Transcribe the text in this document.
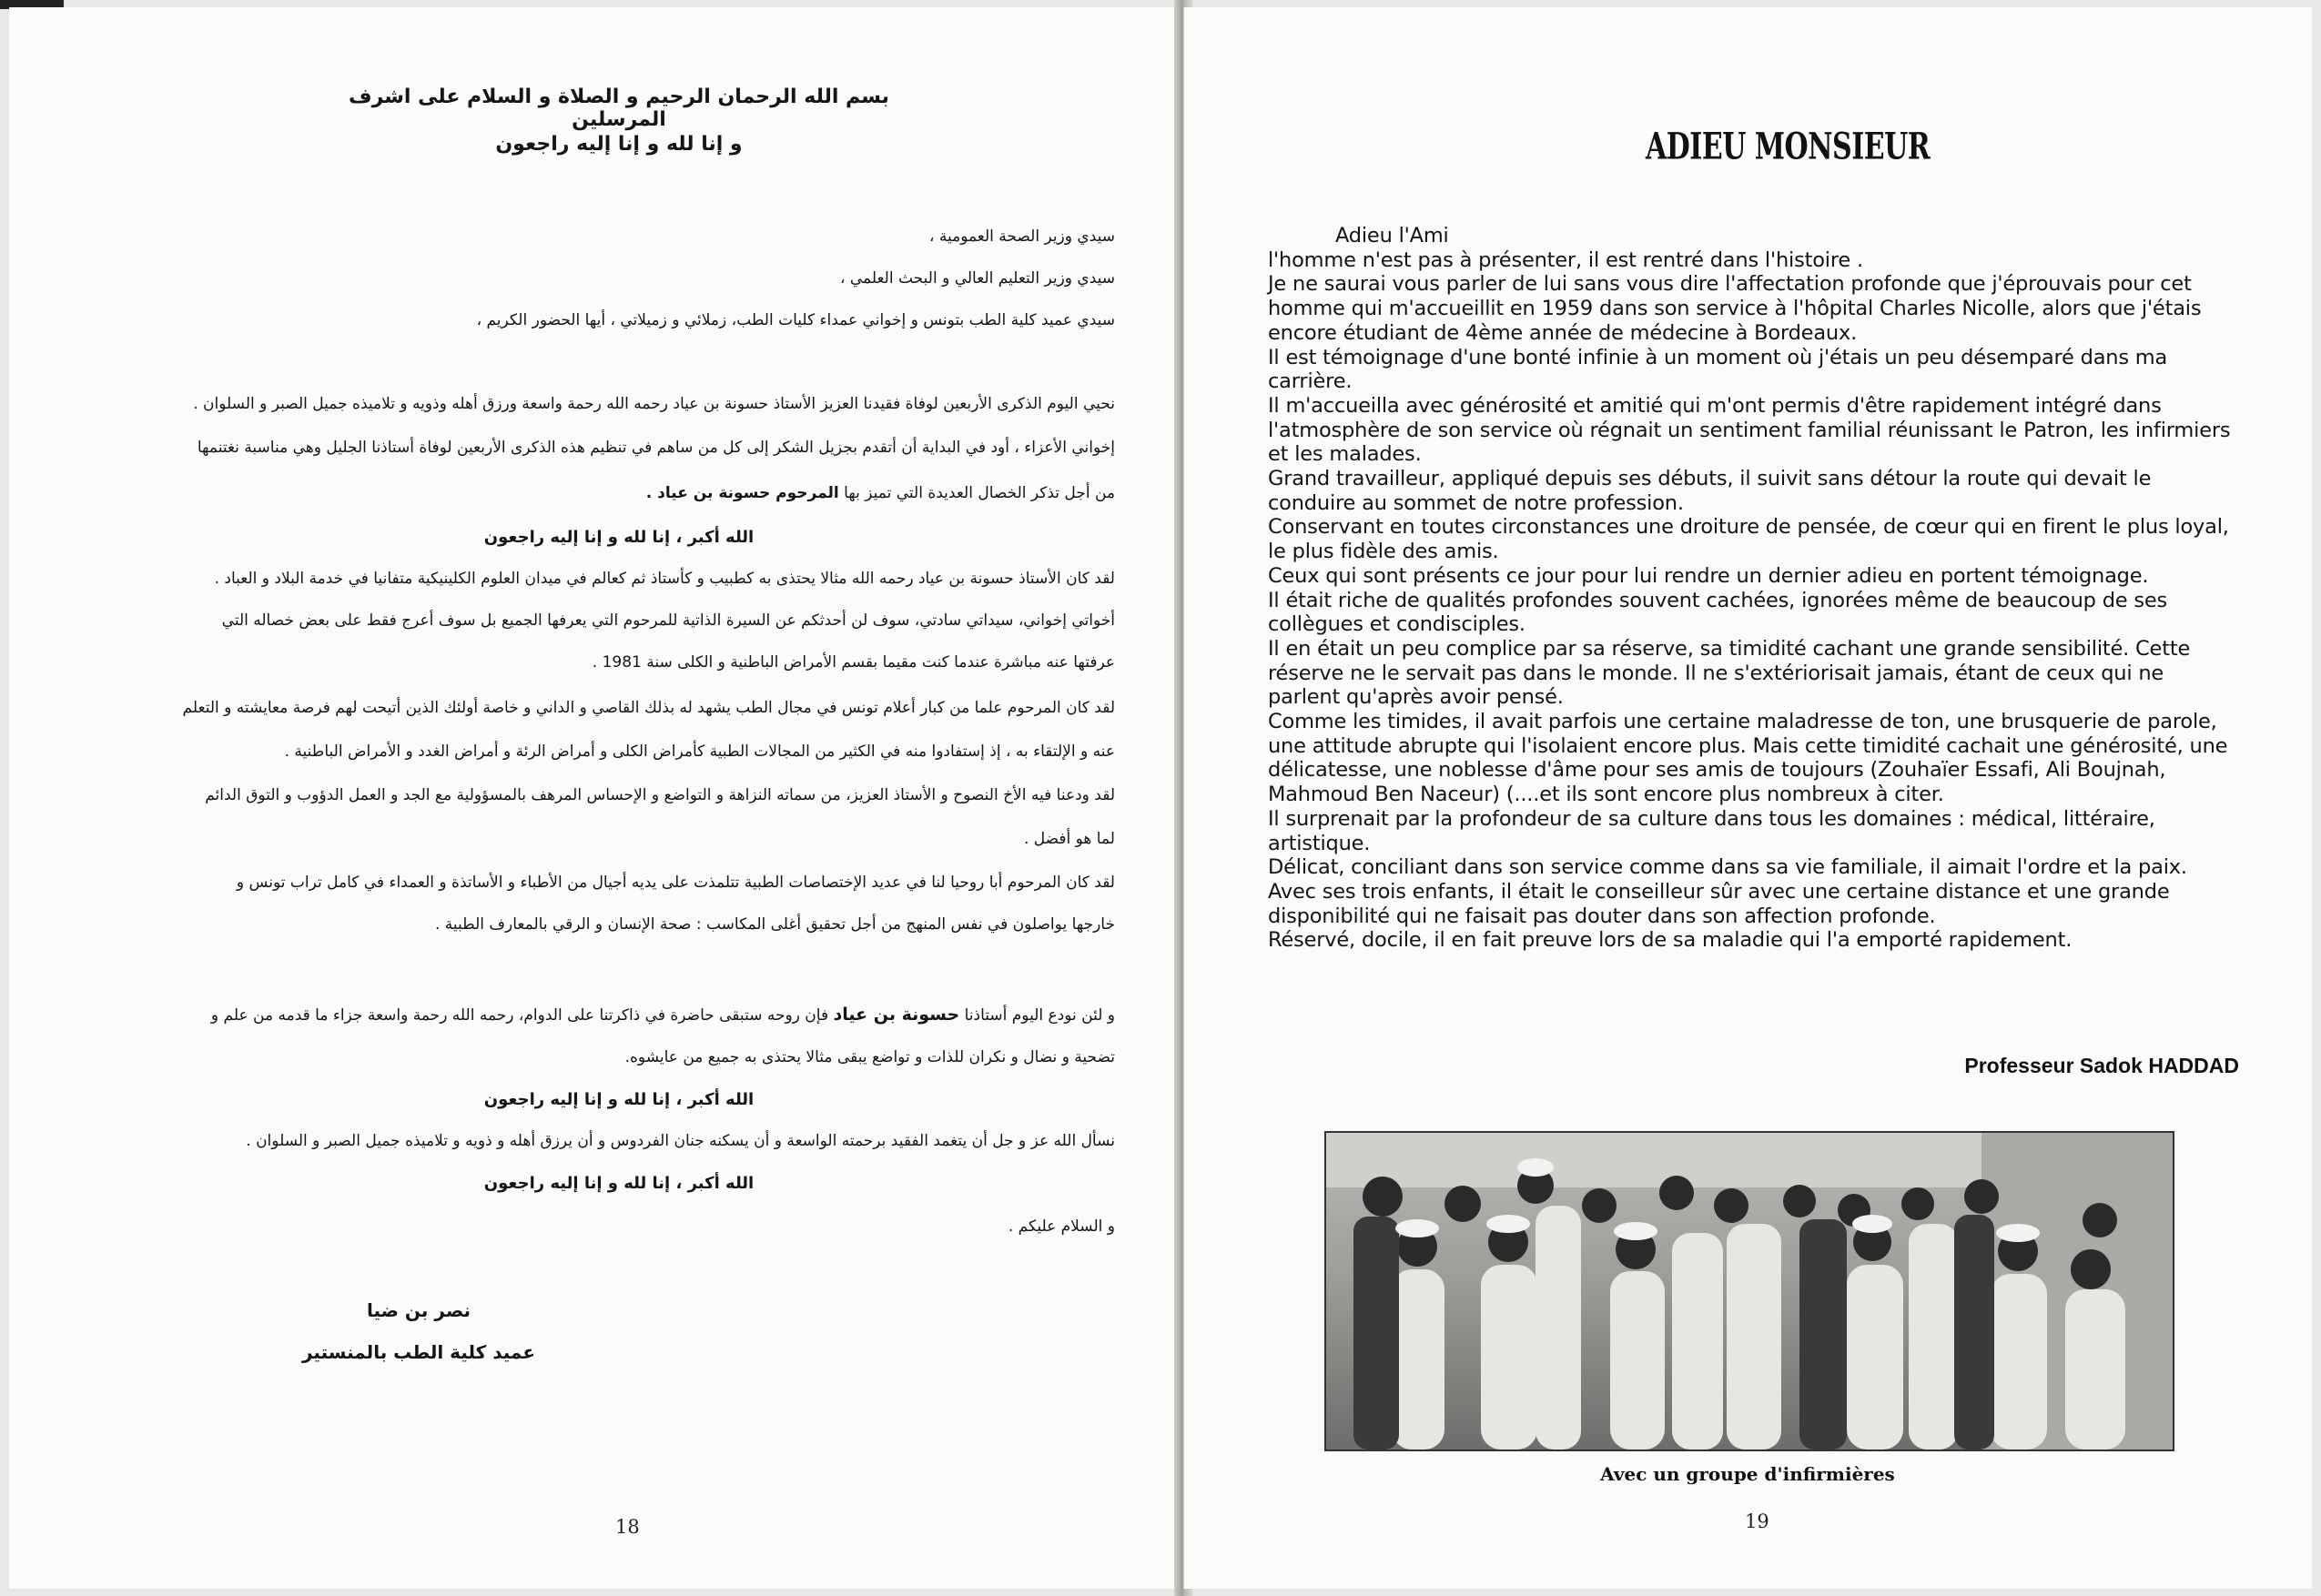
بسم الله الرحمان الرحيم و الصلاة و السلام على اشرف المرسلين
و إنا لله و إنا إليه راجعون
سيدي وزير الصحة العمومية ،
سيدي وزير التعليم العالي و البحث العلمي ،
سيدي عميد كلية الطب بتونس و إخواني عمداء كليات الطب، زملائي و زميلاتي ، أيها الحضور الكريم ،
نحيي اليوم الذكرى الأربعين لوفاة فقيدنا العزيز الأستاذ حسونة بن عياد رحمه الله رحمة واسعة ورزق أهله وذويه و تلاميذه جميل الصبر و السلوان .
إخواني الأعزاء ، أود في البداية أن أتقدم بجزيل الشكر إلى كل من ساهم في تنظيم هذه الذكرى الأربعين لوفاة أستاذنا الجليل وهي مناسبة نغتنمها
من أجل تذكر الخصال العديدة التي تميز بها المرحوم حسونة بن عياد .
الله أكبر ، إنا لله و إنا إليه راجعون
لقد كان الأستاذ حسونة بن عياد رحمه الله مثالا يحتذى به كطبيب و كأستاذ ثم كعالم في ميدان العلوم الكلينيكية متفانيا في خدمة البلاد و العباد .
أخواتي إخواني، سيداتي سادتي، سوف لن أحدثكم عن السيرة الذاتية للمرحوم التي يعرفها الجميع بل سوف أعرج فقط على بعض خصاله التي
عرفتها عنه مباشرة عندما كنت مقيما بقسم الأمراض الباطنية و الكلى سنة 1981 .
لقد كان المرحوم علما من كبار أعلام تونس في مجال الطب يشهد له بذلك القاصي و الداني و خاصة أولئك الذين أتيحت لهم فرصة معايشته و التعلم
عنه و الإلتقاء به ، إذ إستفادوا منه في الكثير من المجالات الطبية كأمراض الكلى و أمراض الرئة و أمراض الغدد و الأمراض الباطنية .
لقد ودعنا فيه الأخ النصوح و الأستاذ العزيز، من سماته النزاهة و التواضع و الإحساس المرهف بالمسؤولية مع الجد و العمل الدؤوب و التوق الدائم
لما هو أفضل .
لقد كان المرحوم أبا روحيا لنا في عديد الإختصاصات الطبية تتلمذت على يديه أجيال من الأطباء و الأساتذة و العمداء في كامل تراب تونس و
خارجها يواصلون في نفس المنهج من أجل تحقيق أغلى المكاسب : صحة الإنسان و الرقي بالمعارف الطبية .
و لئن نودع اليوم أستاذنا حسونة بن عياد فإن روحه ستبقى حاضرة في ذاكرتنا على الدوام، رحمه الله رحمة واسعة جزاء ما قدمه من علم و
تضحية و نضال و نكران للذات و تواضع يبقى مثالا يحتذى به جميع من عايشوه.
الله أكبر ، إنا لله و إنا إليه راجعون
نسأل الله عز و جل أن يتغمد الفقيد برحمته الواسعة و أن يسكنه جنان الفردوس و أن يرزق أهله و ذويه و تلاميذه جميل الصبر و السلوان .
الله أكبر ، إنا لله و إنا إليه راجعون
و السلام عليكم .
نصر بن ضيا
عميد كلية الطب بالمنستير
18
ADIEU MONSIEUR

Adieu l'Ami

l'homme n'est pas à présenter, il est rentré dans l'histoire .

Je ne saurai vous parler de lui sans vous dire l'affectation profonde que j'éprouvais pour cet homme qui m'accueillit en 1959 dans son service à l'hôpital Charles Nicolle, alors que j'étais encore étudiant de 4ème année de médecine à Bordeaux.

Il est témoignage d'une bonté infinie à un moment où j'étais un peu désemparé dans ma carrière.

Il m'accueilla avec générosité et amitié qui m'ont permis d'être rapidement intégré dans l'atmosphère de son service où régnait un sentiment familial réunissant le Patron, les infirmiers et les malades.

Grand travailleur, appliqué depuis ses débuts, il suivit sans détour la route qui devait le conduire au sommet de notre profession.

Conservant en toutes circonstances une droiture de pensée, de cœur qui en firent le plus loyal, le plus fidèle des amis.

Ceux qui sont présents ce jour pour lui rendre un dernier adieu en portent témoignage.

Il était riche de qualités profondes souvent cachées, ignorées même de beaucoup de ses collègues et condisciples.

Il en était un peu complice par sa réserve, sa timidité cachant une grande sensibilité. Cette réserve ne le servait pas dans le monde. Il ne s'extériorisait jamais, étant de ceux qui ne parlent qu'après avoir pensé.

Comme les timides, il avait parfois une certaine maladresse de ton, une brusquerie de parole, une attitude abrupte qui l'isolaient encore plus. Mais cette timidité cachait une générosité, une délicatesse, une noblesse d'âme pour ses amis de toujours (Zouhaïer Essafi, Ali Boujnah, Mahmoud Ben Naceur) (....et ils sont encore plus nombreux à citer.

Il surprenait par la profondeur de sa culture dans tous les domaines : médical, littéraire, artistique.

Délicat, conciliant dans son service comme dans sa vie familiale, il aimait l'ordre et la paix.

Avec ses trois enfants, il était le conseilleur sûr avec une certaine distance et une grande disponibilité qui ne faisait pas douter dans son affection profonde.

Réservé, docile, il en fait preuve lors de sa maladie qui l'a emporté rapidement.

Professeur Sadok HADDAD
Avec un groupe d'infirmières
19
